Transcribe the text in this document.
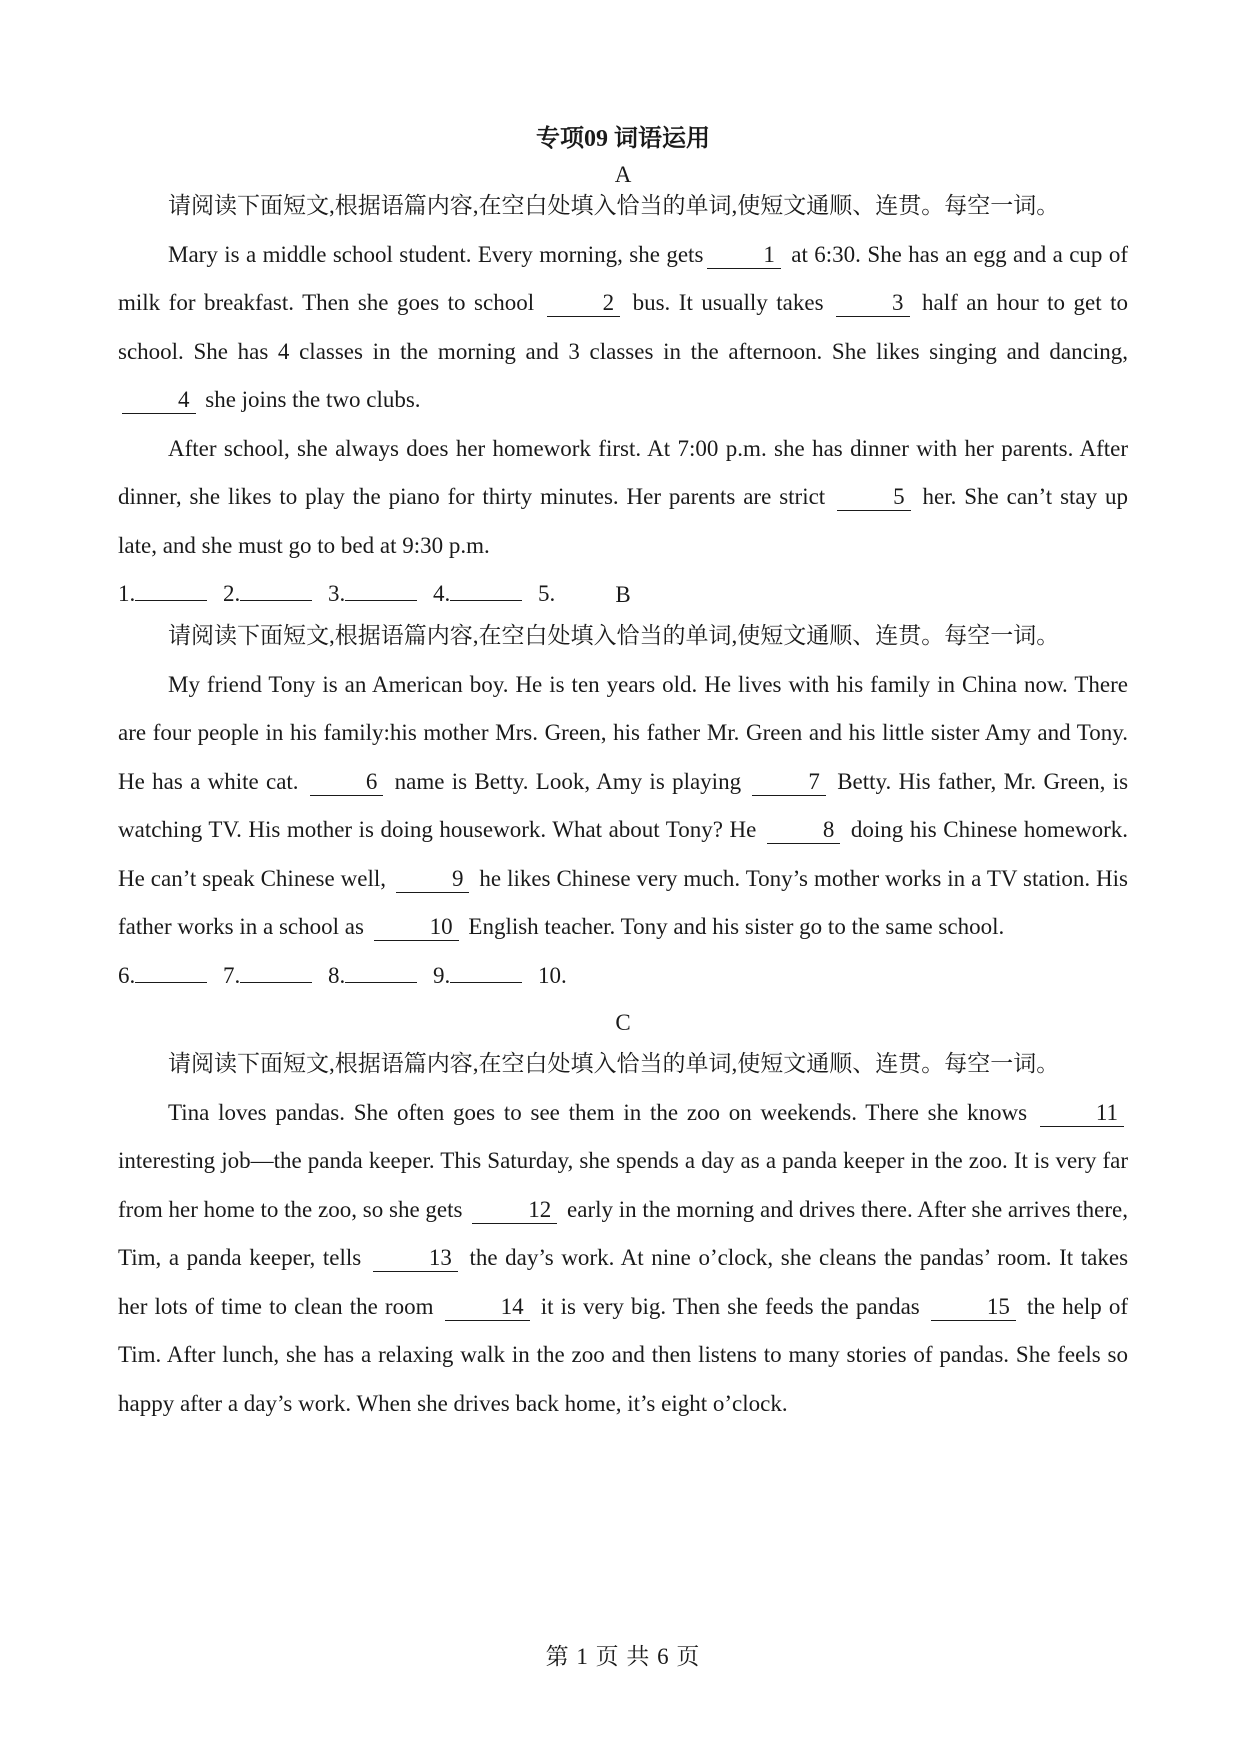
专项09 词语运用
A

请阅读下面短文,根据语篇内容,在空白处填入恰当的单词,使短文通顺、连贯。每空一词。

Mary is a middle school student. Every morning, she gets	1 at 6:30. She has an egg and a cup of milk for breakfast. Then she goes to school	2 bus. It usually takes	3 half an hour to get to school. She has 4 classes in the morning and 3 classes in the afternoon. She likes singing and dancing, 4 she joins the two clubs.

After school, she always does her homework first. At 7:00 p.m. she has dinner with her parents. After dinner, she likes to play the piano for thirty minutes. Her parents are strict	5 her. She can’t stay up late, and she must go to bed at 9:30 p.m.

1.	2.	3.	4.	5.	B

请阅读下面短文,根据语篇内容,在空白处填入恰当的单词,使短文通顺、连贯。每空一词。

My friend Tony is an American boy. He is ten years old. He lives with his family in China now. There are four people in his family:his mother Mrs. Green, his father Mr. Green and his little sister Amy and Tony. He has a white cat.	6 name is Betty. Look, Amy is playing	7 Betty. His father, Mr. Green, is watching TV. His mother is doing housework. What about Tony? He	8 doing his Chinese homework. He can’t speak Chinese well,	9 he likes Chinese very much. Tony’s mother works in a TV station. His father works in a school as	10 English teacher. Tony and his sister go to the same school.

6.	7.	8.	9.	10.

C

请阅读下面短文,根据语篇内容,在空白处填入恰当的单词,使短文通顺、连贯。每空一词。

Tina loves pandas. She often goes to see them in the zoo on weekends. There she knows	11 interesting job—the panda keeper. This Saturday, she spends a day as a panda keeper in the zoo. It is very far from her home to the zoo, so she gets	12 early in the morning and drives there. After she arrives there, Tim, a panda keeper, tells	13 the day’s work. At nine o’clock, she cleans the pandas’ room. It takes her lots of time to clean the room	14 it is very big. Then she feeds the pandas	15 the help of Tim. After lunch, she has a relaxing walk in the zoo and then listens to many stories of pandas. She feels so happy after a day’s work. When she drives back home, it’s eight o’clock.

第 1 页 共 6 页
